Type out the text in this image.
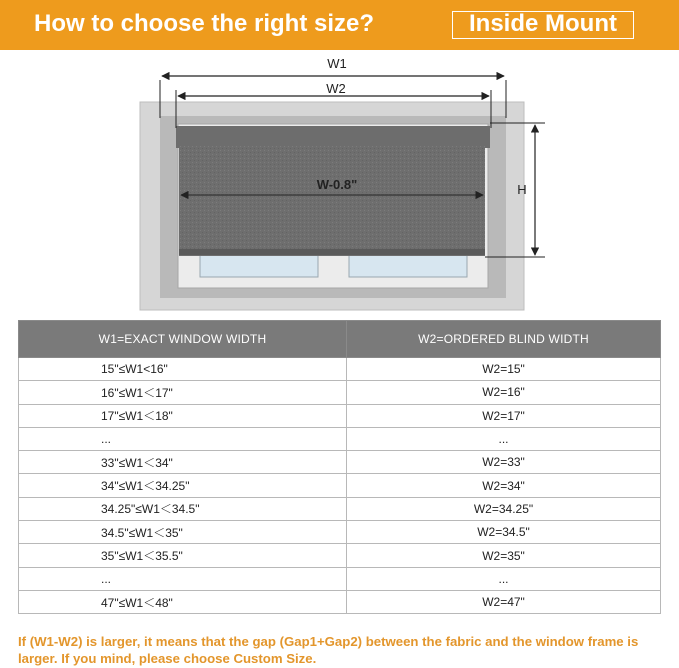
How to choose the right size?	Inside Mount
W1
W2
W-0.8"	H
W1=EXACT WINDOW WIDTH	W2=ORDERED BLIND WIDTH
15"≤W1<16"	W2=15"
16"≤W1＜17"	W2=16"
17"≤W1＜18"	W2=17"
...	...
33"≤W1＜34"	W2=33"
34"≤W1＜34.25"	W2=34"
34.25"≤W1＜34.5"	W2=34.25"
34.5"≤W1＜35"	W2=34.5"
35"≤W1＜35.5"	W2=35"
...	...
47"≤W1＜48"	W2=47"
If (W1-W2) is larger, it means that the gap (Gap1+Gap2) between the fabric and the window frame is larger. If you mind, please choose Custom Size.
